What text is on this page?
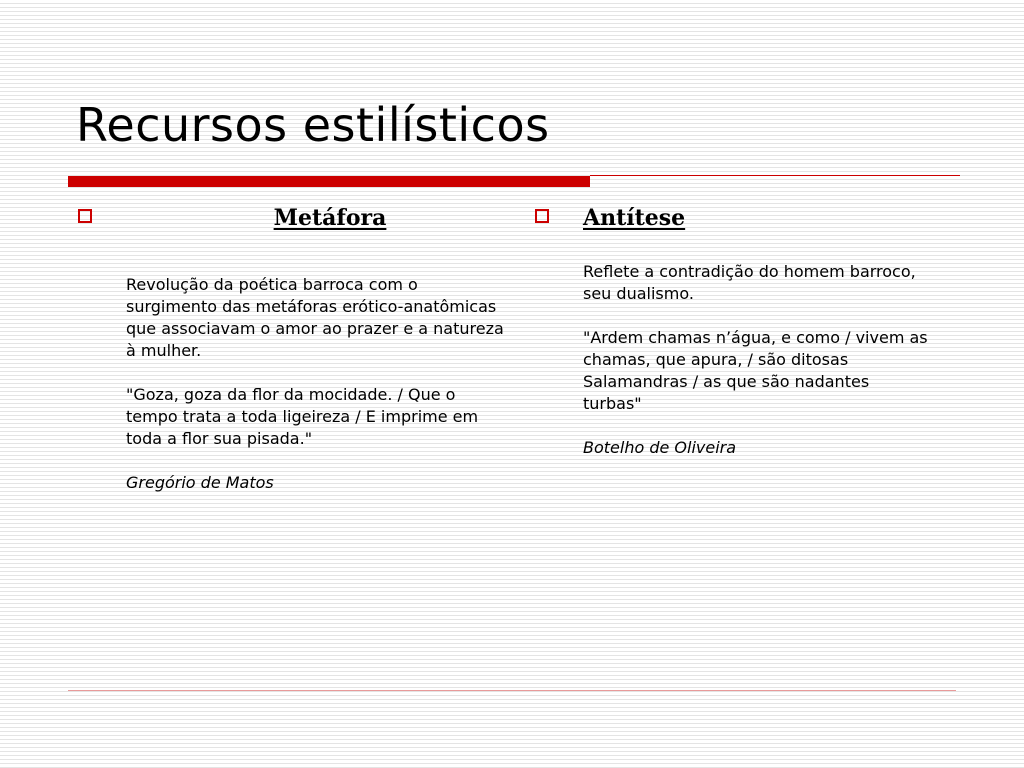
Recursos estilísticos
Metáfora

Revolução da poética barroca com o surgimento das metáforas erótico-anatômicas que associavam o amor ao prazer e a natureza à mulher.

"Goza, goza da flor da mocidade. / Que o tempo trata a toda ligeireza / E imprime em toda a flor sua pisada."

Gregório de Matos

Antítese

Reflete a contradição do homem barroco, seu dualismo.

"Ardem chamas n’água, e como / vivem as chamas, que apura, / são ditosas Salamandras / as que são nadantes turbas"

Botelho de Oliveira
